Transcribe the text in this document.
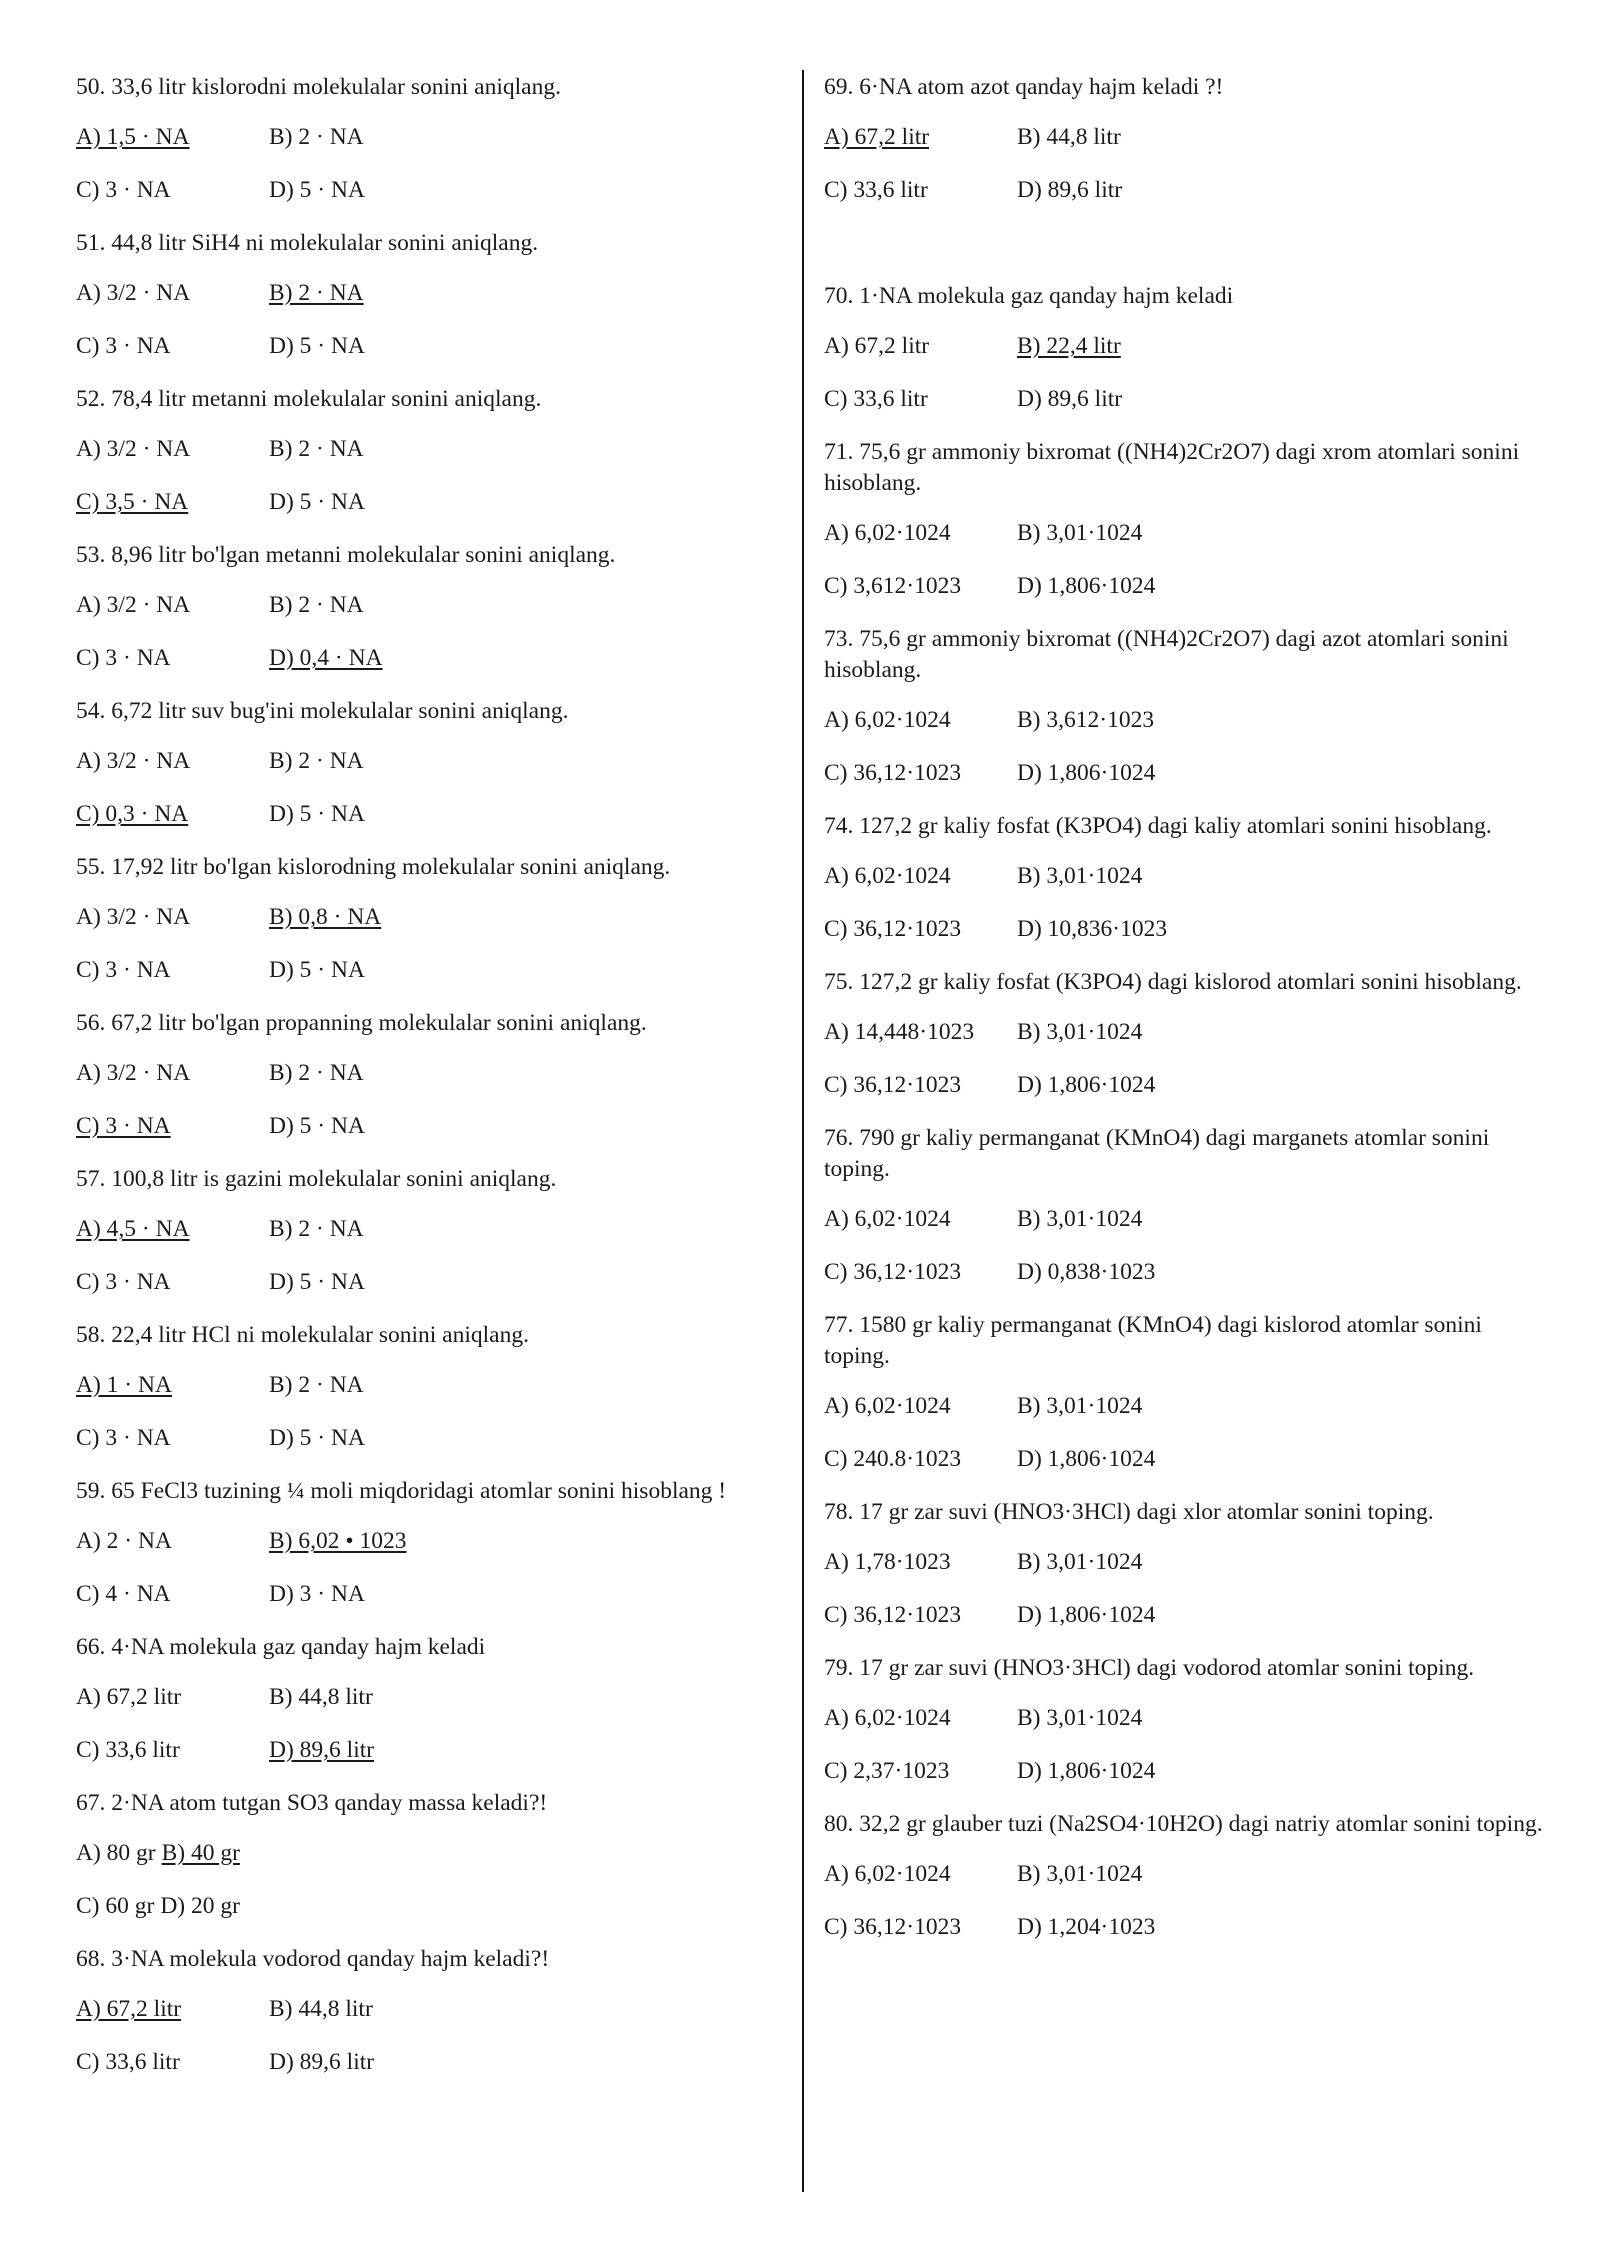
50. 33,6 litr kislorodni molekulalar sonini aniqlang.

A) 1,5 · NA	B) 2 · NA
C) 3 · NA	D) 5 · NA

51. 44,8 litr SiH4 ni molekulalar sonini aniqlang.

A) 3/2 · NA	B) 2 · NA
C) 3 · NA	D) 5 · NA

52. 78,4 litr metanni molekulalar sonini aniqlang.

A) 3/2 · NA	B) 2 · NA
C) 3,5 · NA	D) 5 · NA

53. 8,96 litr bo'lgan metanni molekulalar sonini aniqlang.

A) 3/2 · NA	B) 2 · NA
C) 3 · NA	D) 0,4 · NA

54. 6,72 litr suv bug'ini molekulalar sonini aniqlang.

A) 3/2 · NA	B) 2 · NA
C) 0,3 · NA	D) 5 · NA

55. 17,92 litr bo'lgan kislorodning molekulalar sonini aniqlang.

A) 3/2 · NA	B) 0,8 · NA
C) 3 · NA	D) 5 · NA

56. 67,2 litr bo'lgan propanning molekulalar sonini aniqlang.

A) 3/2 · NA	B) 2 · NA
C) 3 · NA	D) 5 · NA

57. 100,8 litr is gazini molekulalar sonini aniqlang.

A) 4,5 · NA	B) 2 · NA
C) 3 · NA	D) 5 · NA

58. 22,4 litr HCl ni molekulalar sonini aniqlang.

A) 1 · NA	B) 2 · NA
C) 3 · NA	D) 5 · NA

59. 65 FeCl3 tuzining ¼ moli miqdoridagi atomlar sonini hisoblang !

A) 2 · NA	B) 6,02 • 1023
C) 4 · NA	D) 3 · NA

66. 4·NA molekula gaz qanday hajm keladi

A) 67,2 litr	B) 44,8 litr
C) 33,6 litr	D) 89,6 litr

67. 2·NA atom tutgan SO3 qanday massa keladi?!

A) 80 gr B) 40 gr
C) 60 gr D) 20 gr

68. 3·NA molekula vodorod qanday hajm keladi?!

A) 67,2 litr	B) 44,8 litr
C) 33,6 litr	D) 89,6 litr

69. 6·NA atom azot qanday hajm keladi ?!

A) 67,2 litr	B) 44,8 litr
C) 33,6 litr	D) 89,6 litr

70. 1·NA molekula gaz qanday hajm keladi

A) 67,2 litr	B) 22,4 litr
C) 33,6 litr	D) 89,6 litr

71. 75,6 gr ammoniy bixromat ((NH4)2Cr2O7) dagi xrom atomlari sonini hisoblang.

A) 6,02·1024	B) 3,01·1024
C) 3,612·1023	D) 1,806·1024

73. 75,6 gr ammoniy bixromat ((NH4)2Cr2O7) dagi azot atomlari sonini hisoblang.

A) 6,02·1024	B) 3,612·1023
C) 36,12·1023	D) 1,806·1024

74. 127,2 gr kaliy fosfat (K3PO4) dagi kaliy atomlari sonini hisoblang.

A) 6,02·1024	B) 3,01·1024
C) 36,12·1023	D) 10,836·1023

75. 127,2 gr kaliy fosfat (K3PO4) dagi kislorod atomlari sonini hisoblang.

A) 14,448·1023	B) 3,01·1024
C) 36,12·1023	D) 1,806·1024

76. 790 gr kaliy permanganat (KMnO4) dagi marganets atomlar sonini toping.

A) 6,02·1024	B) 3,01·1024
C) 36,12·1023	D) 0,838·1023

77. 1580 gr kaliy permanganat (KMnO4) dagi kislorod atomlar sonini toping.

A) 6,02·1024	B) 3,01·1024
C) 240.8·1023	D) 1,806·1024

78. 17 gr zar suvi (HNO3·3HCl) dagi xlor atomlar sonini toping.

A) 1,78·1023	B) 3,01·1024
C) 36,12·1023	D) 1,806·1024

79. 17 gr zar suvi (HNO3·3HCl) dagi vodorod atomlar sonini toping.

A) 6,02·1024	B) 3,01·1024
C) 2,37·1023	D) 1,806·1024

80. 32,2 gr glauber tuzi (Na2SO4·10H2O) dagi natriy atomlar sonini toping.

A) 6,02·1024	B) 3,01·1024
C) 36,12·1023	D) 1,204·1023
